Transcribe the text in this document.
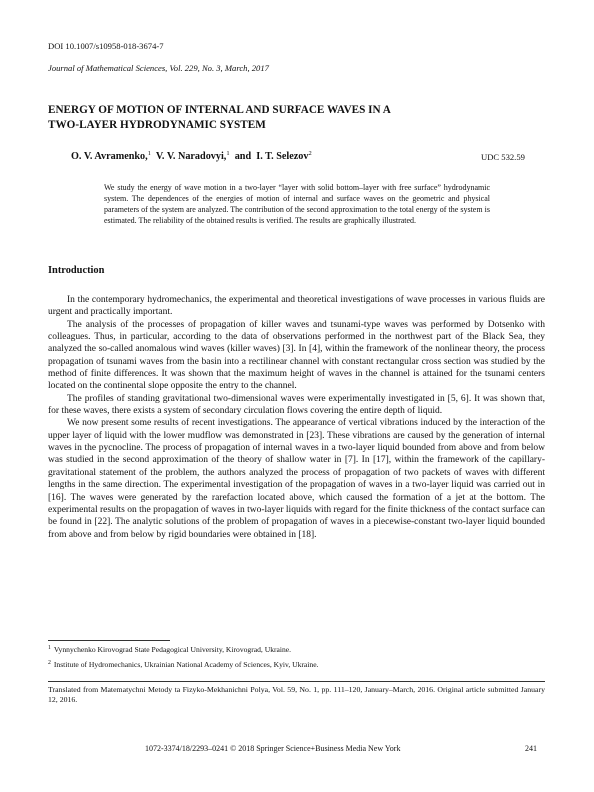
DOI 10.1007/s10958-018-3674-7
Journal of Mathematical Sciences, Vol. 229, No. 3, March, 2017
ENERGY OF MOTION OF INTERNAL AND SURFACE WAVES IN A
TWO-LAYER HYDRODYNAMIC SYSTEM
O. V. Avramenko,$^1$ V. V. Naradovyi,$^1$ and I. T. Selezov$^2$	UDC 532.59
We study the energy of wave motion in a two-layer “layer with solid bottom–layer with free surface” hydrodynamic system. The dependences of the energies of motion of internal and surface waves on the geometric and physical parameters of the system are analyzed. The contribution of the second approximation to the total energy of the system is estimated. The reliability of the obtained results is verified. The results are graphically illustrated.
Introduction

In the contemporary hydromechanics, the experimental and theoretical investigations of wave processes in various fluids are urgent and practically important.

The analysis of the processes of propagation of killer waves and tsunami-type waves was performed by Dotsenko with colleagues. Thus, in particular, according to the data of observations performed in the northwest part of the Black Sea, they analyzed the so-called anomalous wind waves (killer waves) [3]. In [4], within the framework of the nonlinear theory, the process propagation of tsunami waves from the basin into a rectilinear channel with constant rectangular cross section was studied by the method of finite differences. It was shown that the maximum height of waves in the channel is attained for the tsunami centers located on the continental slope opposite the entry to the channel.

The profiles of standing gravitational two-dimensional waves were experimentally investigated in [5, 6]. It was shown that, for these waves, there exists a system of secondary circulation flows covering the entire depth of liquid.

We now present some results of recent investigations. The appearance of vertical vibrations induced by the interaction of the upper layer of liquid with the lower mudflow was demonstrated in [23]. These vibrations are caused by the generation of internal waves in the pycnocline. The process of propagation of internal waves in a two-layer liquid bounded from above and from below was studied in the second approximation of the theory of shallow water in [7]. In [17], within the framework of the capillary-gravitational statement of the problem, the authors analyzed the process of propagation of two packets of waves with different lengths in the same direction. The experimental investigation of the propagation of waves in a two-layer liquid was carried out in [16]. The waves were generated by the rarefaction located above, which caused the formation of a jet at the bottom. The experimental results on the propagation of waves in two-layer liquids with regard for the finite thickness of the contact surface can be found in [22]. The analytic solutions of the problem of propagation of waves in a piecewise-constant two-layer liquid bounded from above and from below by rigid boundaries were obtained in [18].

$^1$ Vynnychenko Kirovograd State Pedagogical University, Kirovograd, Ukraine.
$^2$ Institute of Hydromechanics, Ukrainian National Academy of Sciences, Kyiv, Ukraine.
Translated from Matematychni Metody ta Fizyko-Mekhanichni Polya, Vol. 59, No. 1, pp. 111–120, January–March, 2016. Original article submitted January 12, 2016.
1072-3374/18/2293–0241 © 2018 Springer Science+Business Media New York	241
